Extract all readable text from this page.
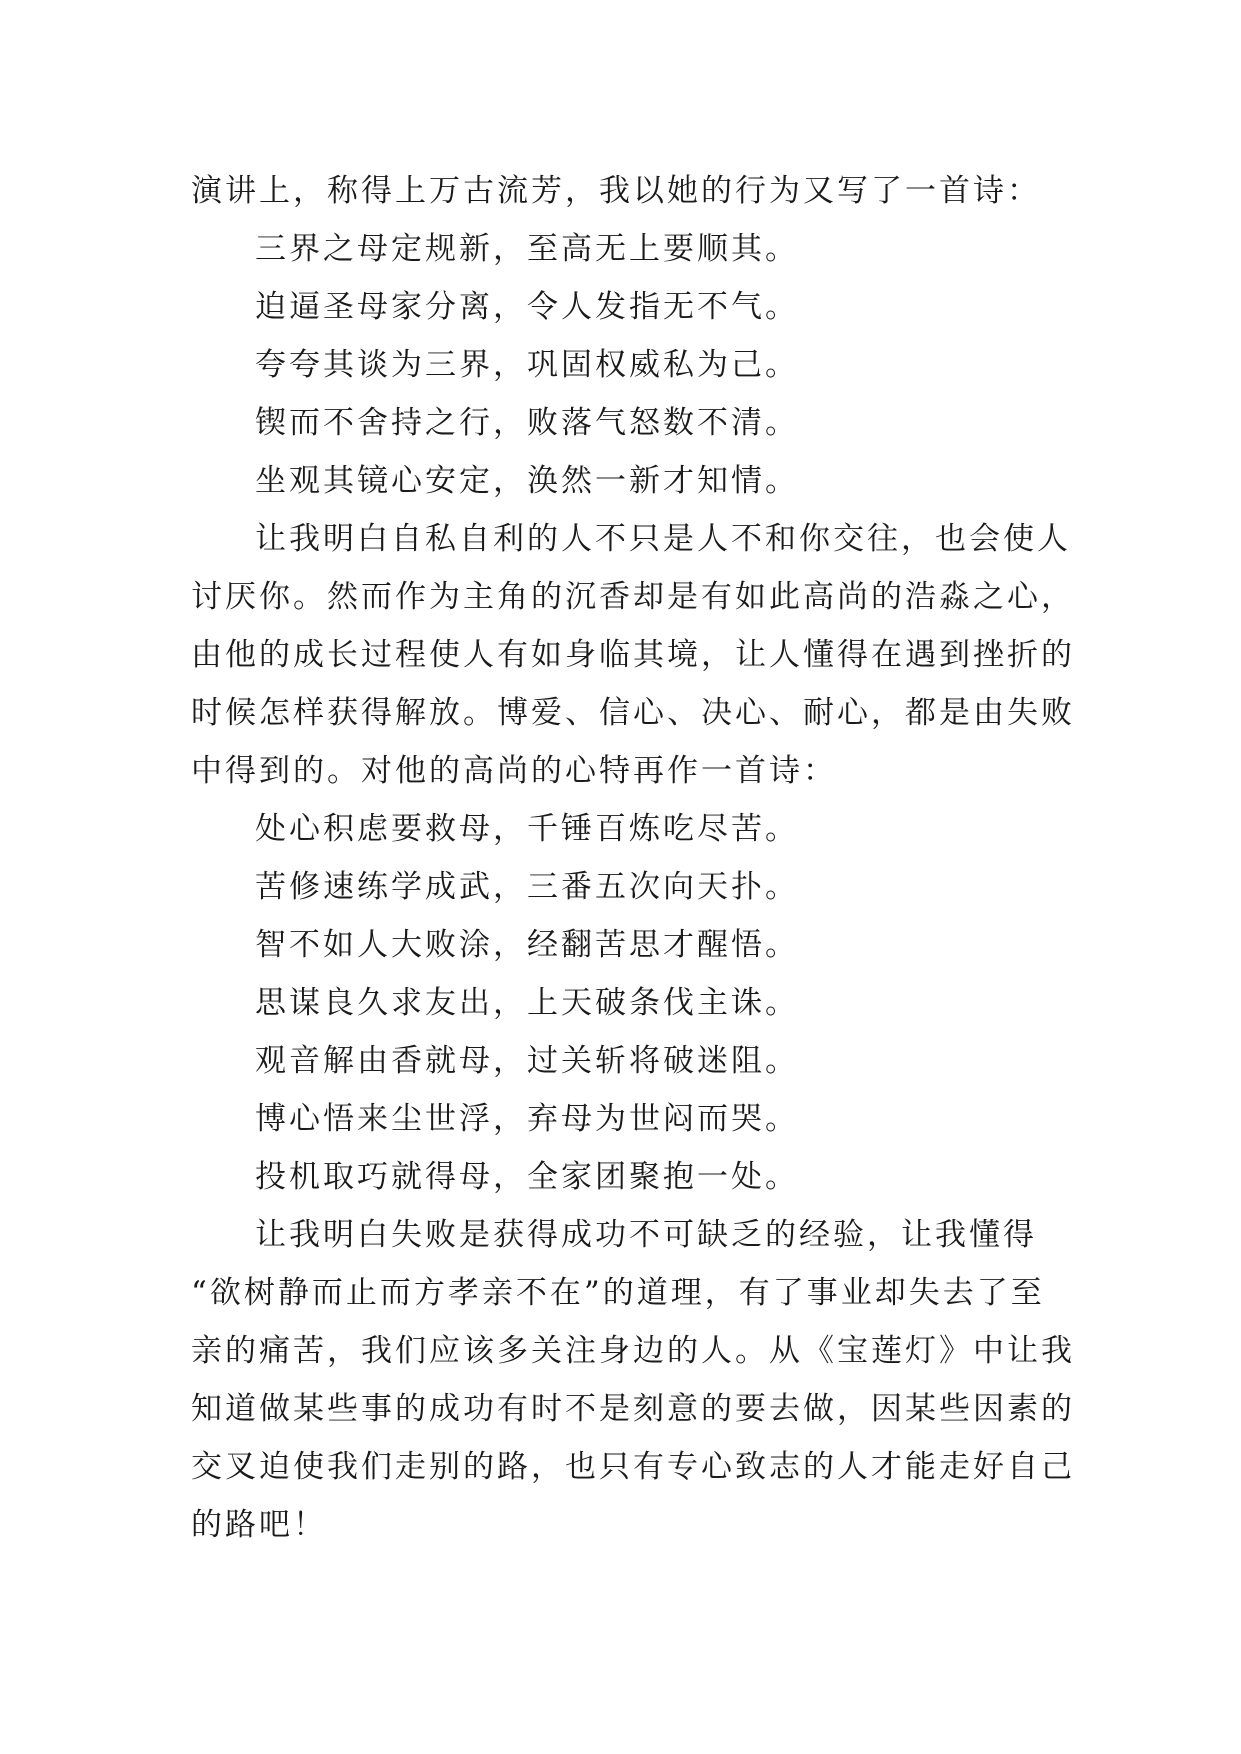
演讲上，称得上万古流芳，我以她的行为又写了一首诗：
三界之母定规新，至高无上要顺其。
迫逼圣母家分离，令人发指无不气。
夸夸其谈为三界，巩固权威私为己。
锲而不舍持之行，败落气怒数不清。
坐观其镜心安定，涣然一新才知情。
让我明白自私自利的人不只是人不和你交往，也会使人
讨厌你。然而作为主角的沉香却是有如此高尚的浩淼之心，
由他的成长过程使人有如身临其境，让人懂得在遇到挫折的
时候怎样获得解放。博爱、信心、决心、耐心，都是由失败
中得到的。对他的高尚的心特再作一首诗：
处心积虑要救母，千锤百炼吃尽苦。
苦修速练学成武，三番五次向天扑。
智不如人大败涂，经翻苦思才醒悟。
思谋良久求友出，上天破条伐主诛。
观音解由香就母，过关斩将破迷阻。
博心悟来尘世浮，弃母为世闷而哭。
投机取巧就得母，全家团聚抱一处。
让我明白失败是获得成功不可缺乏的经验，让我懂得
“欲树静而止而方孝亲不在”的道理，有了事业却失去了至
亲的痛苦，我们应该多关注身边的人。从《宝莲灯》中让我
知道做某些事的成功有时不是刻意的要去做，因某些因素的
交叉迫使我们走别的路，也只有专心致志的人才能走好自己
的路吧！
